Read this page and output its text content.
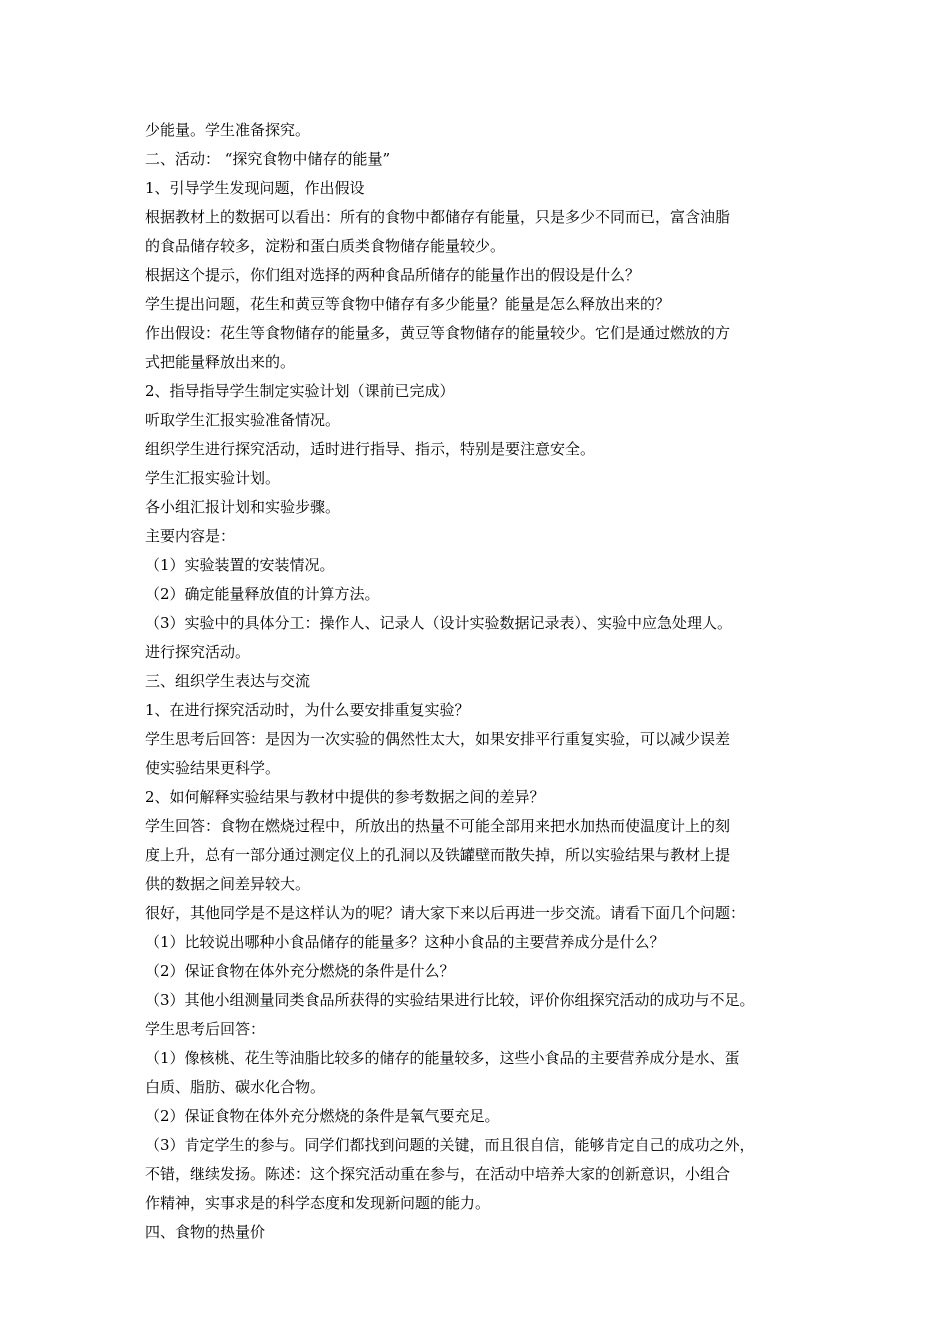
少能量。学生准备探究。
二、活动： “探究食物中储存的能量”
1、引导学生发现问题，作出假设
根据教材上的数据可以看出：所有的食物中都储存有能量，只是多少不同而已，富含油脂
的食品储存较多，淀粉和蛋白质类食物储存能量较少。
根据这个提示，你们组对选择的两种食品所储存的能量作出的假设是什么？
学生提出问题，花生和黄豆等食物中储存有多少能量？能量是怎么释放出来的？
作出假设：花生等食物储存的能量多，黄豆等食物储存的能量较少。它们是通过燃放的方
式把能量释放出来的。
2、指导指导学生制定实验计划（课前已完成）
听取学生汇报实验准备情况。
组织学生进行探究活动，适时进行指导、指示，特别是要注意安全。
学生汇报实验计划。
各小组汇报计划和实验步骤。
主要内容是：
（1）实验装置的安装情况。
（2）确定能量释放值的计算方法。
（3）实验中的具体分工：操作人、记录人（设计实验数据记录表）、实验中应急处理人。
进行探究活动。
三、组织学生表达与交流
1、在进行探究活动时，为什么要安排重复实验？
学生思考后回答：是因为一次实验的偶然性太大，如果安排平行重复实验，可以减少误差
使实验结果更科学。
2、如何解释实验结果与教材中提供的参考数据之间的差异？
学生回答：食物在燃烧过程中，所放出的热量不可能全部用来把水加热而使温度计上的刻
度上升，总有一部分通过测定仪上的孔洞以及铁罐壁而散失掉，所以实验结果与教材上提
供的数据之间差异较大。
很好，其他同学是不是这样认为的呢？请大家下来以后再进一步交流。请看下面几个问题：
（1）比较说出哪种小食品储存的能量多？这种小食品的主要营养成分是什么？
（2）保证食物在体外充分燃烧的条件是什么？
（3）其他小组测量同类食品所获得的实验结果进行比较，评价你组探究活动的成功与不足。
学生思考后回答：
（1）像核桃、花生等油脂比较多的储存的能量较多，这些小食品的主要营养成分是水、蛋
白质、脂肪、碳水化合物。
（2）保证食物在体外充分燃烧的条件是氧气要充足。
（3）肯定学生的参与。同学们都找到问题的关键，而且很自信，能够肯定自己的成功之外，
不错，继续发扬。陈述：这个探究活动重在参与，在活动中培养大家的创新意识，小组合
作精神，实事求是的科学态度和发现新问题的能力。
四、食物的热量价
